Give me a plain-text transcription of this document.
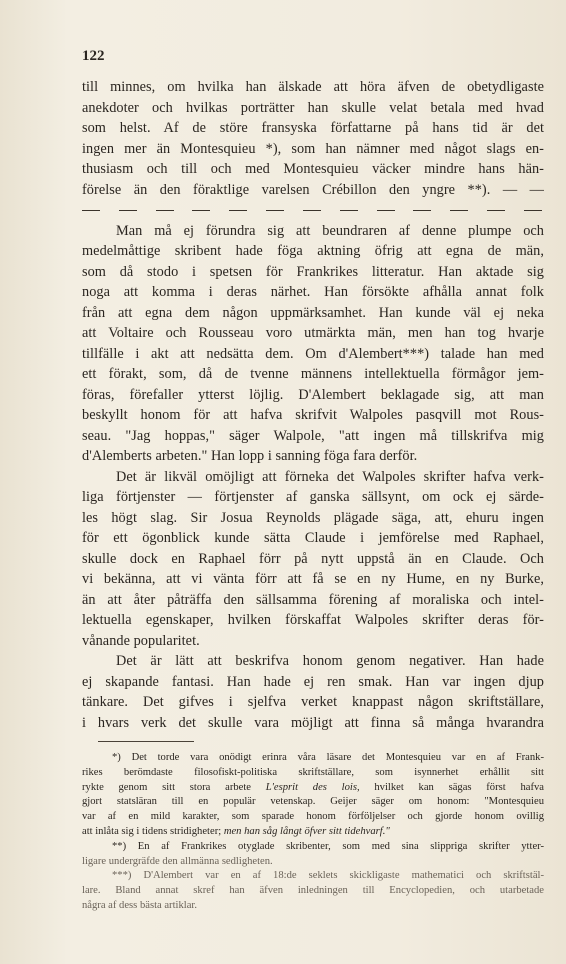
122
till minnes, om hvilka han älskade att höra äfven de obetydligaste
anekdoter och hvilkas porträtter han skulle velat betala med hvad
som helst. Af de störe fransyska författarne på hans tid är det
ingen mer än Montesquieu *), som han nämner med något slags en-
thusiasm och till och med Montesquieu väcker mindre hans hän-
förelse än den föraktlige varelsen Crébillon den yngre **). — —
Man må ej förundra sig att beundraren af denne plumpe och
medelmåttige skribent hade föga aktning öfrig att egna de män,
som då stodo i spetsen för Frankrikes litteratur. Han aktade sig
noga att komma i deras närhet. Han försökte afhålla annat folk
från att egna dem någon uppmärksamhet. Han kunde väl ej neka
att Voltaire och Rousseau voro utmärkta män, men han tog hvarje
tillfälle i akt att nedsätta dem. Om d'Alembert***) talade han med
ett förakt, som, då de tvenne männens intellektuella förmågor jem-
föras, förefaller ytterst löjlig. D'Alembert beklagade sig, att man
beskyllt honom för att hafva skrifvit Walpoles pasqvill mot Rous-
seau. "Jag hoppas," säger Walpole, "att ingen må tillskrifva mig
d'Alemberts arbeten." Han lopp i sanning föga fara derför.
Det är likväl omöjligt att förneka det Walpoles skrifter hafva verk-
liga förtjenster — förtjenster af ganska sällsynt, om ock ej särde-
les högt slag. Sir Josua Reynolds plägade säga, att, ehuru ingen
för ett ögonblick kunde sätta Claude i jemförelse med Raphael,
skulle dock en Raphael förr på nytt uppstå än en Claude. Och
vi bekänna, att vi vänta förr att få se en ny Hume, en ny Burke,
än att åter påträffa den sällsamma förening af moraliska och intel-
lektuella egenskaper, hvilken förskaffat Walpoles skrifter deras för-
vånande popularitet.
Det är lätt att beskrifva honom genom negativer. Han hade
ej skapande fantasi. Han hade ej ren smak. Han var ingen djup
tänkare. Det gifves i sjelfva verket knappast någon skriftställare,
i hvars verk det skulle vara möjligt att finna så många hvarandra
*) Det torde vara onödigt erinra våra läsare det Montesquieu var en af Frank-
rikes berömdaste filosofiskt-politiska skriftställare, som isynnerhet erhållit sitt
rykte genom sitt stora arbete L'esprit des lois, hvilket kan sägas först hafva
gjort statsläran till en populär vetenskap. Geijer säger om honom: "Montesquieu
var af en mild karakter, som sparade honom förföljelser och gjorde honom ovillig
att inlåta sig i tidens stridigheter; men han såg långt öfver sitt tidehvarf."
**) En af Frankrikes otygladе skribenter, som med sina slippriga skrifter ytter-
ligare undergräfde den allmänna sedligheten.
***) D'Alembert var en af 18:de seklets skickligaste mathematici och skriftstäl-
lare. Bland annat skref han äfven inledningen till Encyclopedien, och utarbetade
några af dess bästa artiklar.
